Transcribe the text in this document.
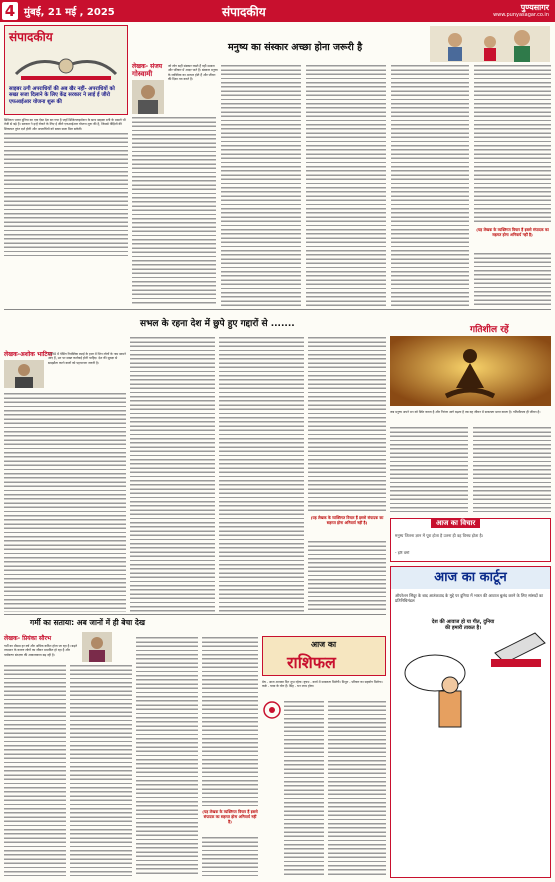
4 मुंबई, 21 मई , 2025	संपादकीय	पुण्यसागर
www.punyasagar.co.in
संपादकीय
साइबर ठगी अपराधियों की अब खैर नहीं- अपराधियों को सख्त सजा दिलाने के लिए केंद्र सरकार ने लाई ई जीरो एफआईआर योजना शुरू की
डिजिटल भारत दुनिया का एक ऐसा देश बन गया है जहाँ डिजिटलाइजेशन के साथ साइबर ठगी के मामले भी तेजी से बढ़े हैं। सरकार ने इन्हें रोकने के लिए ई जीरो एफआईआर योजना शुरू की है, जिससे पीड़ितों की शिकायत तुरंत दर्ज होगी और अपराधियों को सख्त सजा मिल सकेगी।
मनुष्य का संस्कार अच्छा होना जरूरी है
लेखक- संजय
गोस्वामी
जो लोग सही संस्कार रखते हैं वही समाज और परिवार में आदर पाते हैं। संस्कार मनुष्य के व्यक्तित्व का आधार होते हैं और जीवन की दिशा तय करते हैं।
(यह लेखक के व्यक्तिगत विचार हैं इससे संपादक का सहमत होना अनिवार्य नहीं है)
सभल के रहना देश में छुपे हुए गद्दारों से .......
लेखक-अशोक भाटिया
1998 में पेसिंग रिपब्लिक स्पाई के हाल में जिन लोगों के नाम सामने आए हैं, उन पर सख्त कार्रवाई होनी चाहिए। देश की सुरक्षा से समझौता करने वालों को पहचानना जरूरी है।
(यह लेखक के व्यक्तिगत विचार हैं इससे संपादक का सहमत होना अनिवार्य नहीं है)
गतिशील रहें
जब मनुष्य अपने मन को स्थिर करता है और निरंतर आगे बढ़ता है तब वह जीवन में सफलता प्राप्त करता है। गतिशीलता ही जीवन है।
आज का विचार
मनुष्य जितना ज्ञान में पूरा होता है उतना ही वह विनम्र होता है।
- हरि वर्मा
गर्मी का सताया: अब जानों में ही बेचा देख
लेखक- प्रियंका सौरभ
गर्मी का मौसम हर वर्ष और अधिक कठिन होता जा रहा है। बढ़ते तापमान के कारण लोगों का जीवन प्रभावित हो रहा है और पर्यावरण संरक्षण की आवश्यकता बढ़ रही है।
(यह लेखक के व्यक्तिगत विचार हैं इससे संपादक का सहमत होना अनिवार्य नहीं है)
आज का
राशिफल
मेष - आज आपका दिन शुभ रहेगा। वृषभ - कार्य में सफलता मिलेगी। मिथुन - परिवार का सहयोग मिलेगा। कर्क - यात्रा के योग हैं। सिंह - धन लाभ होगा।
आज का कार्टून
ऑपरेशन सिंदूर के बाद आतंकवाद के मुद्दे पर दुनिया में भारत की आवाज बुलंद करने के लिए सांसदों का प्रतिनिधिमंडल
देश की आवाज हो या गीत, दुनिया की हमारी ताकत है।
